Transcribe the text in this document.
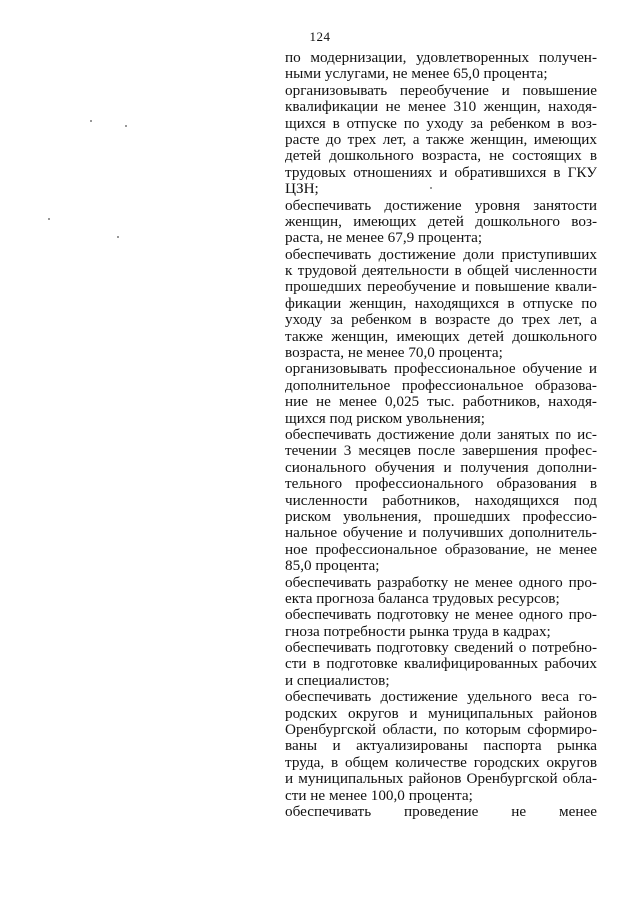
124
по модернизации, удовлетворенных получен-
ными услугами, не менее 65,0 процента;
организовывать переобучение и повышение
квалификации не менее 310 женщин, находя-
щихся в отпуске по уходу за ребенком в воз-
расте до трех лет, а также женщин, имеющих
детей дошкольного возраста, не состоящих в
трудовых отношениях и обратившихся в ГКУ
ЦЗН;
обеспечивать достижение уровня занятости
женщин, имеющих детей дошкольного воз-
раста, не менее 67,9 процента;
обеспечивать достижение доли приступивших
к трудовой деятельности в общей численности
прошедших переобучение и повышение квали-
фикации женщин, находящихся в отпуске по
уходу за ребенком в возрасте до трех лет, а
также женщин, имеющих детей дошкольного
возраста, не менее 70,0 процента;
организовывать профессиональное обучение и
дополнительное профессиональное образова-
ние не менее 0,025 тыс. работников, находя-
щихся под риском увольнения;
обеспечивать достижение доли занятых по ис-
течении 3 месяцев после завершения профес-
сионального обучения и получения дополни-
тельного профессионального образования в
численности работников, находящихся под
риском увольнения, прошедших профессио-
нальное обучение и получивших дополнитель-
ное профессиональное образование, не менее
85,0 процента;
обеспечивать разработку не менее одного про-
екта прогноза баланса трудовых ресурсов;
обеспечивать подготовку не менее одного про-
гноза потребности рынка труда в кадрах;
обеспечивать подготовку сведений о потребно-
сти в подготовке квалифицированных рабочих
и специалистов;
обеспечивать достижение удельного веса го-
родских округов и муниципальных районов
Оренбургской области, по которым сформиро-
ваны и актуализированы паспорта рынка
труда, в общем количестве городских округов
и муниципальных районов Оренбургской обла-
сти не менее 100,0 процента;
обеспечивать проведение не менее
